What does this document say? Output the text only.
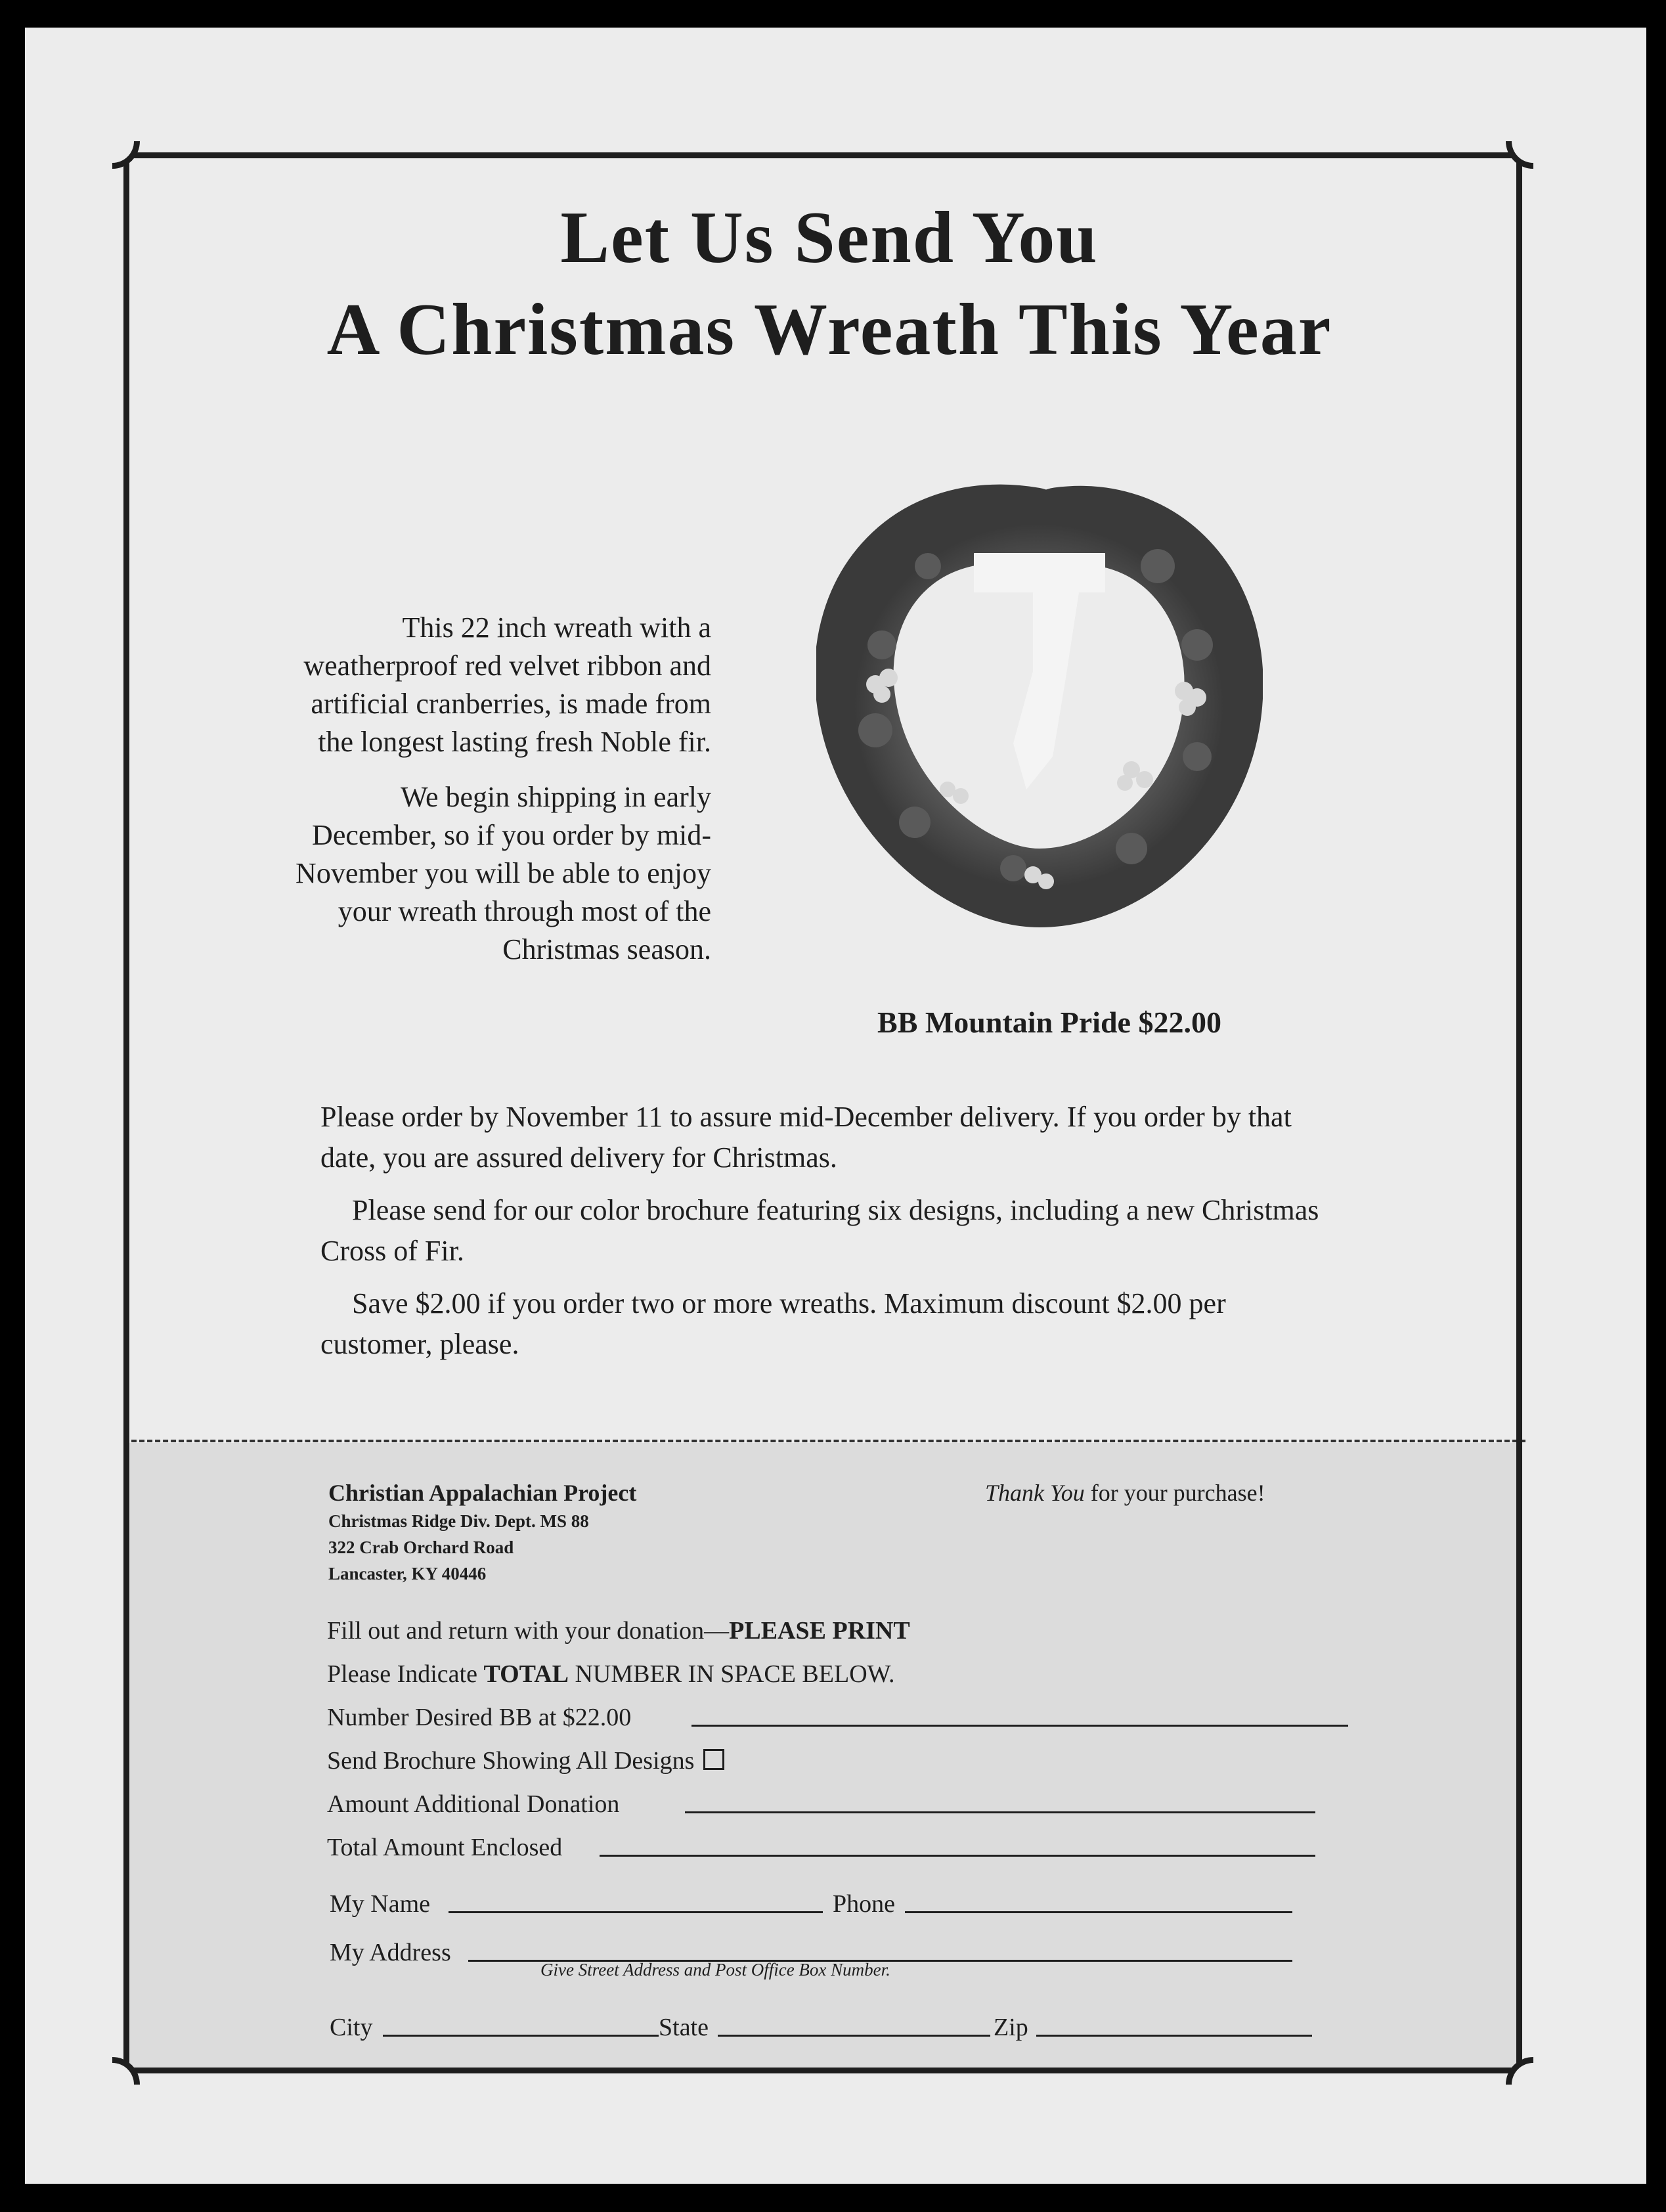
Let Us Send You
A Christmas Wreath This Year

This 22 inch wreath with a weatherproof red velvet ribbon and artificial cranberries, is made from the longest lasting fresh Noble fir.

We begin shipping in early December, so if you order by mid-November you will be able to enjoy your wreath through most of the Christmas season.

BB Mountain Pride $22.00

Please order by November 11 to assure mid-December delivery. If you order by that date, you are assured delivery for Christmas.

Please send for our color brochure featuring six designs, including a new Christmas Cross of Fir.

Save $2.00 if you order two or more wreaths. Maximum discount $2.00 per customer, please.

Christian Appalachian Project
Christmas Ridge Div. Dept. MS 88
322 Crab Orchard Road
Lancaster, KY 40446
Thank You for your purchase!
Fill out and return with your donation—PLEASE PRINT
Please Indicate TOTAL NUMBER IN SPACE BELOW.
Number Desired BB at $22.00
Send Brochure Showing All Designs
Amount Additional Donation
Total Amount Enclosed
My Name	Phone
My Address
City	State	Zip
Give Street Address and Post Office Box Number.
